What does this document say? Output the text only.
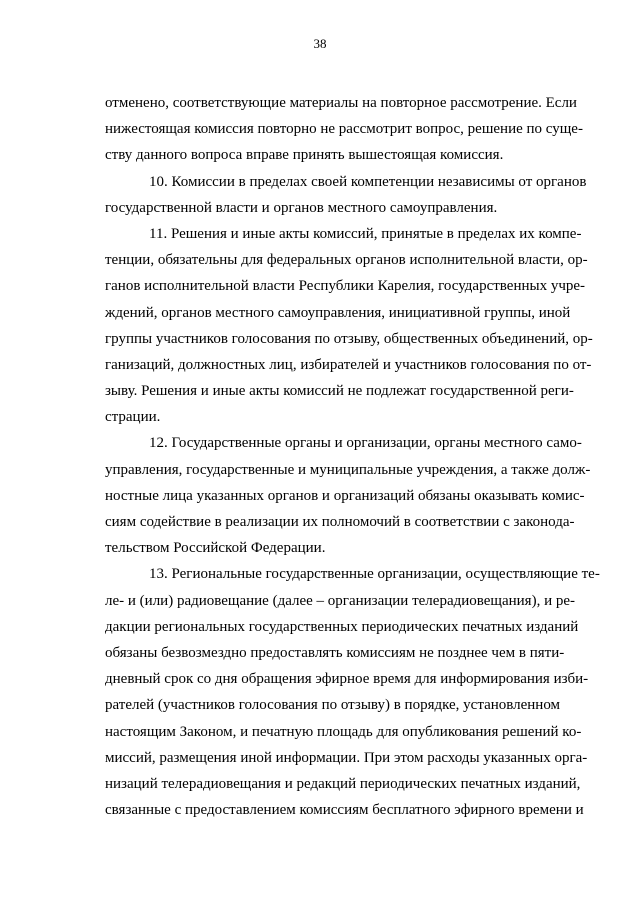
38
отменено, соответствующие материалы на повторное рассмотрение. Если
нижестоящая комиссия повторно не рассмотрит вопрос, решение по суще-
ству данного вопроса вправе принять вышестоящая комиссия.
10. Комиссии в пределах своей компетенции независимы от органов
государственной власти и органов местного самоуправления.
11. Решения и иные акты комиссий, принятые в пределах их компе-
тенции, обязательны для федеральных органов исполнительной власти, ор-
ганов исполнительной власти Республики Карелия, государственных учре-
ждений, органов местного самоуправления, инициативной группы, иной
группы участников голосования по отзыву, общественных объединений, ор-
ганизаций, должностных лиц, избирателей и участников голосования по от-
зыву. Решения и иные акты комиссий не подлежат государственной реги-
страции.
12. Государственные органы и организации, органы местного само-
управления, государственные и муниципальные учреждения, а также долж-
ностные лица указанных органов и организаций обязаны оказывать комис-
сиям содействие в реализации их полномочий в соответствии с законода-
тельством Российской Федерации.
13. Региональные государственные организации, осуществляющие те-
ле- и (или) радиовещание (далее – организации телерадиовещания), и ре-
дакции региональных государственных периодических печатных изданий
обязаны безвозмездно предоставлять комиссиям не позднее чем в пяти-
дневный срок со дня обращения эфирное время для информирования изби-
рателей (участников голосования по отзыву) в порядке, установленном
настоящим Законом, и печатную площадь для опубликования решений ко-
миссий, размещения иной информации. При этом расходы указанных орга-
низаций телерадиовещания и редакций периодических печатных изданий,
связанные с предоставлением комиссиям бесплатного эфирного времени и
